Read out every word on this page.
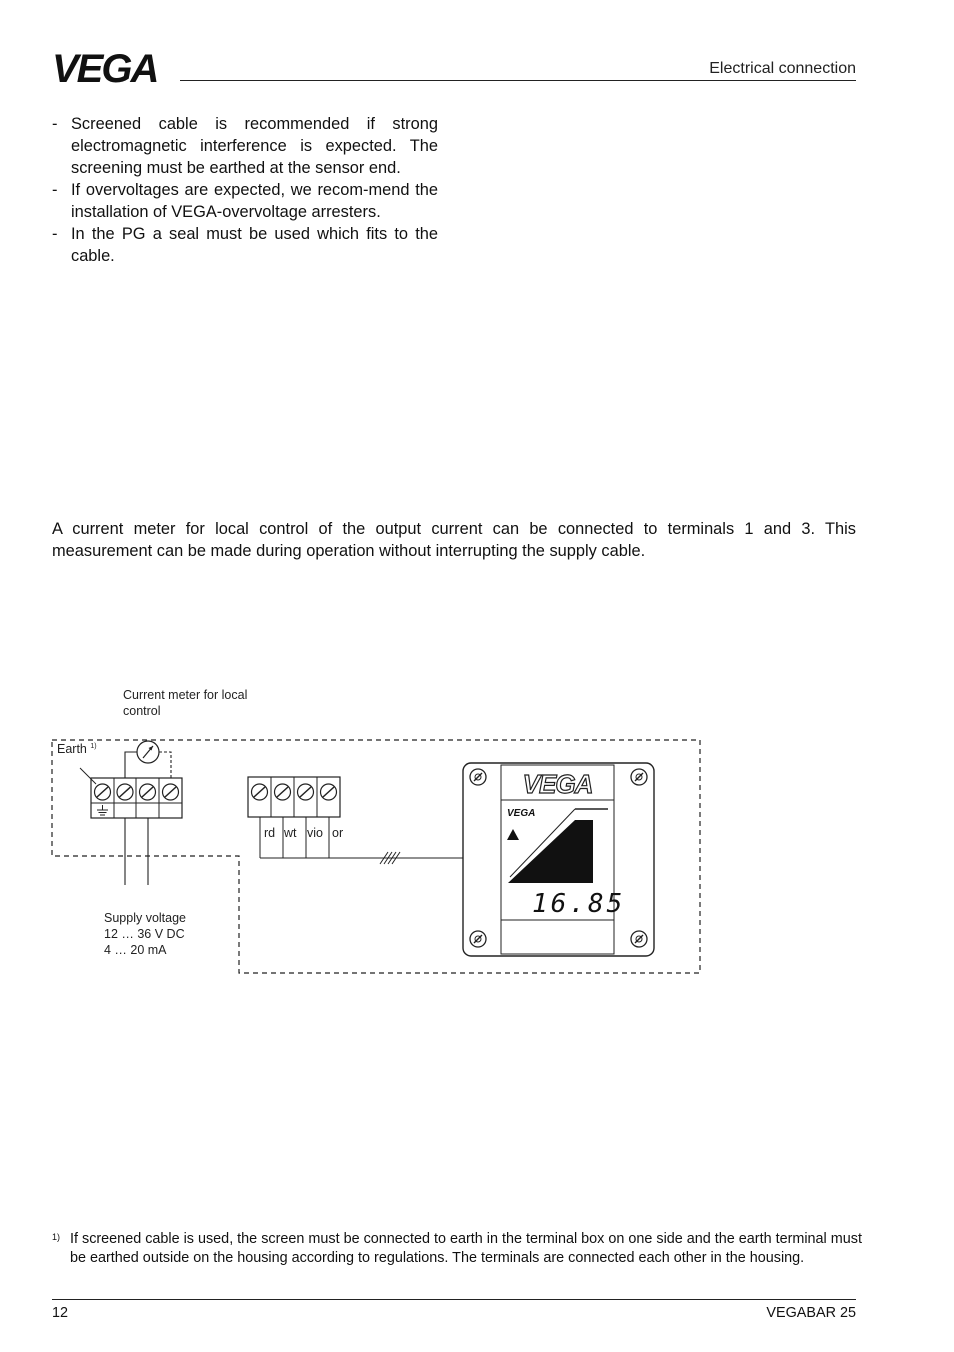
VEGA	Electrical connection
- Screened cable is recommended if strong electromagnetic interference is expected. The screening must be earthed at the sensor end.
- If overvoltages are expected, we recom-mend the installation of VEGA-overvoltage arresters.
- In the PG a seal must be used which fits to the cable.

A current meter for local control of the output current can be connected to terminals 1 and 3. This measurement can be made during operation without interrupting the supply cable.

VEGA
VEGA
16.85
Current meter for local
control
Earth $^{1)}$
rd wt vio or
Supply voltage
12 … 36 V DC
4 … 20 mA
1) If screened cable is used, the screen must be connected to earth in the terminal box on one side and the earth terminal must be earthed outside on the housing according to regulations. The terminals are connected each other in the housing.
12	VEGABAR 25
